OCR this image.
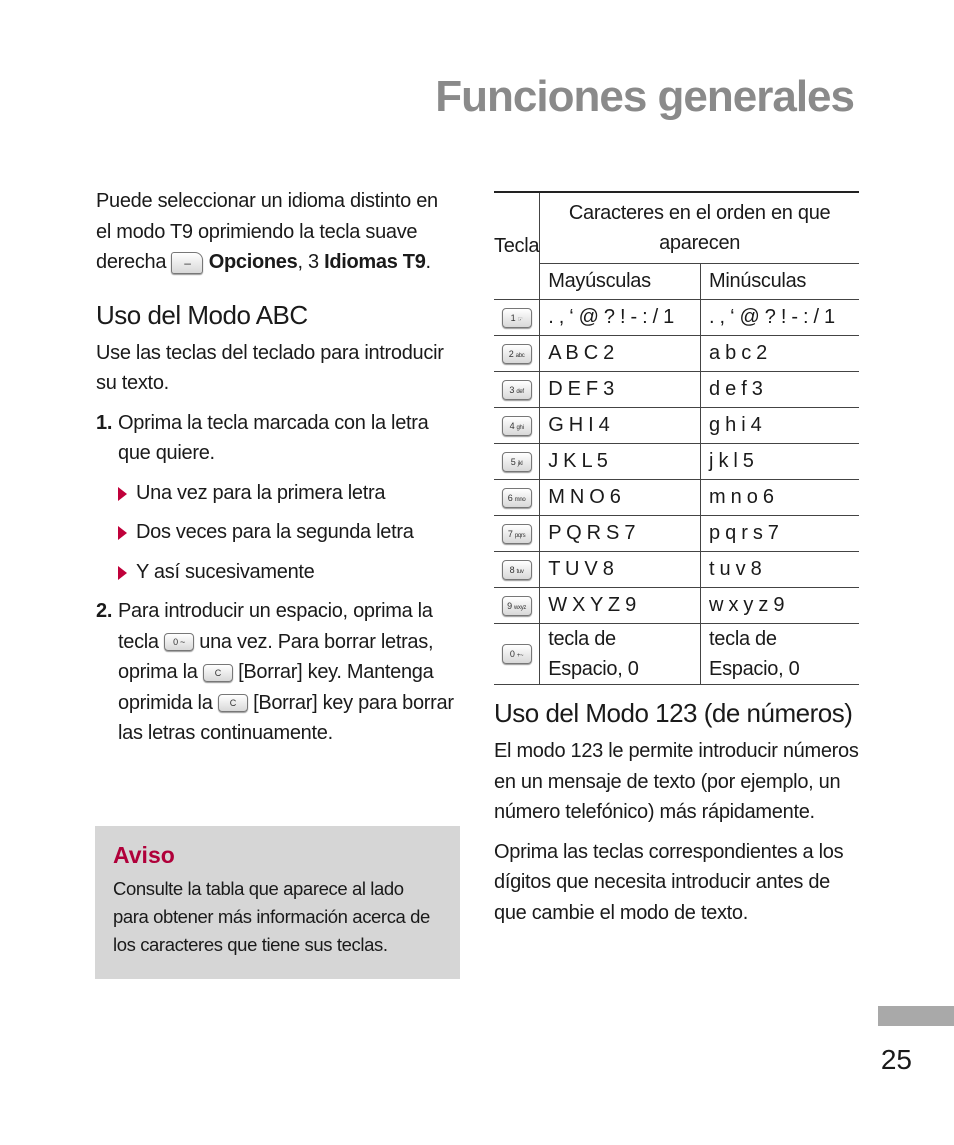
Funciones generales

Puede seleccionar un idioma distinto en el modo T9 oprimiendo la tecla suave derecha – Opciones, 3 Idiomas T9.

Uso del Modo ABC

Use las teclas del teclado para introducir su texto.

1. Oprima la tecla marcada con la letra que quiere.

Una vez para la primera letra

Dos veces para la segunda letra

Y así sucesivamente

2. Para introducir un espacio, oprima la tecla 0 ~ una vez. Para borrar letras, oprima la C [Borrar] key. Mantenga oprimida la C [Borrar] key para borrar las letras continuamente.

Aviso

Consulte la tabla que aparece al lado para obtener más información acerca de los caracteres que tiene sus teclas.

Tecla	Caracteres en el orden en que aparecen	
	Mayúsculas	Minúsculas
1 ☞	. , ‘ @ ? ! - : / 1	. , ‘ @ ? ! - : / 1
2 abc	A B C 2	a b c 2
3 def	D E F 3	d e f 3
4 ghi	G H I 4	g h i 4
5 jkl	J K L 5	j k l 5
6 mno	M N O 6	m n o 6
7 pqrs	P Q R S 7	p q r s 7
8 tuv	T U V 8	t u v 8
9 wxyz	W X Y Z 9	w x y z 9
0 +~	tecla de Espacio, 0	tecla de Espacio, 0
Uso del Modo 123 (de números)

El modo 123 le permite introducir números en un mensaje de texto (por ejemplo, un número telefónico) más rápidamente.

Oprima las teclas correspondientes a los dígitos que necesita introducir antes de que cambie el modo de texto.

25
